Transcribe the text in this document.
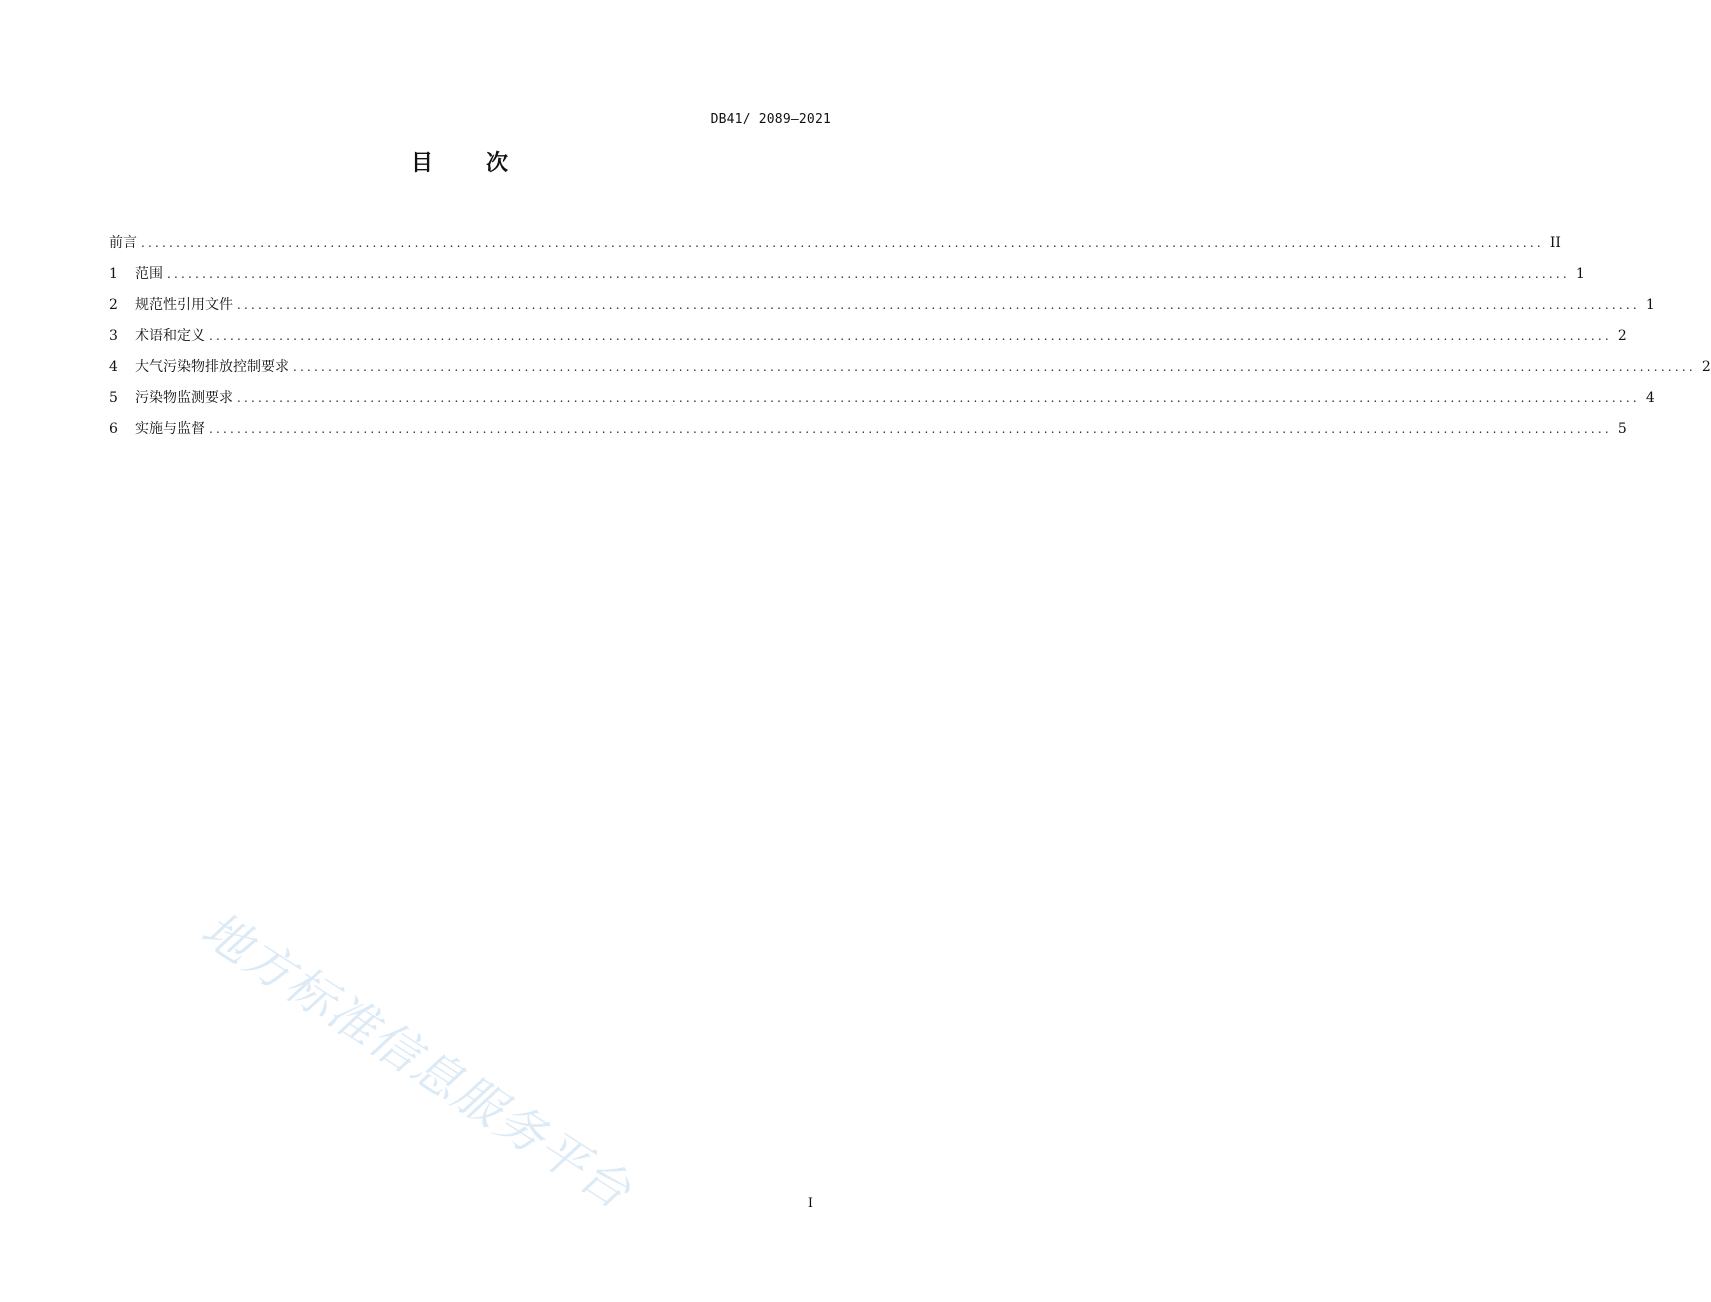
DB41/ 2089—2021
目 次
前言 ........................................................................................................................................................................................................ II
1	范围 ........................................................................................................................................................................................................ 1
2	规范性引用文件 ........................................................................................................................................................................................................ 1
3	术语和定义 ........................................................................................................................................................................................................ 2
4	大气污染物排放控制要求 ........................................................................................................................................................................................................ 2
5	污染物监测要求 ........................................................................................................................................................................................................ 4
6	实施与监督 ........................................................................................................................................................................................................ 5
地方标准信息服务平台	I
